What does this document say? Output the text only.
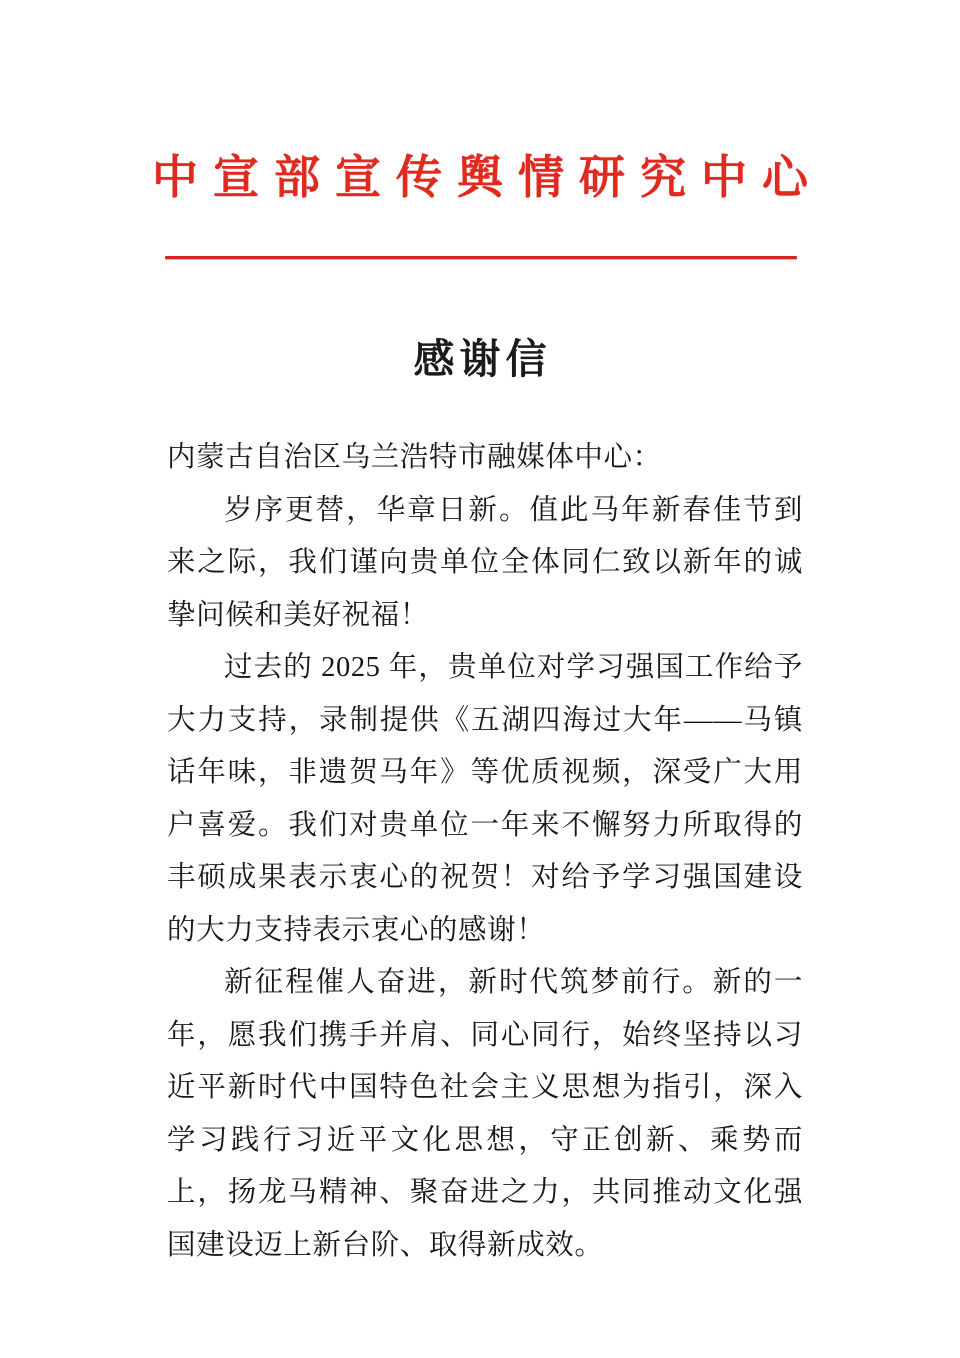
中宣部宣传舆情研究中心
感谢信

内蒙古自治区乌兰浩特市融媒体中心：

岁序更替，华章日新。值此马年新春佳节到来之际，我们谨向贵单位全体同仁致以新年的诚挚问候和美好祝福！

过去的 2025 年，贵单位对学习强国工作给予大力支持，录制提供《五湖四海过大年——马镇话年味，非遗贺马年》等优质视频，深受广大用户喜爱。我们对贵单位一年来不懈努力所取得的丰硕成果表示衷心的祝贺！对给予学习强国建设的大力支持表示衷心的感谢！

新征程催人奋进，新时代筑梦前行。新的一年，愿我们携手并肩、同心同行，始终坚持以习近平新时代中国特色社会主义思想为指引，深入学习践行习近平文化思想，守正创新、乘势而上，扬龙马精神、聚奋进之力，共同推动文化强国建设迈上新台阶、取得新成效。
